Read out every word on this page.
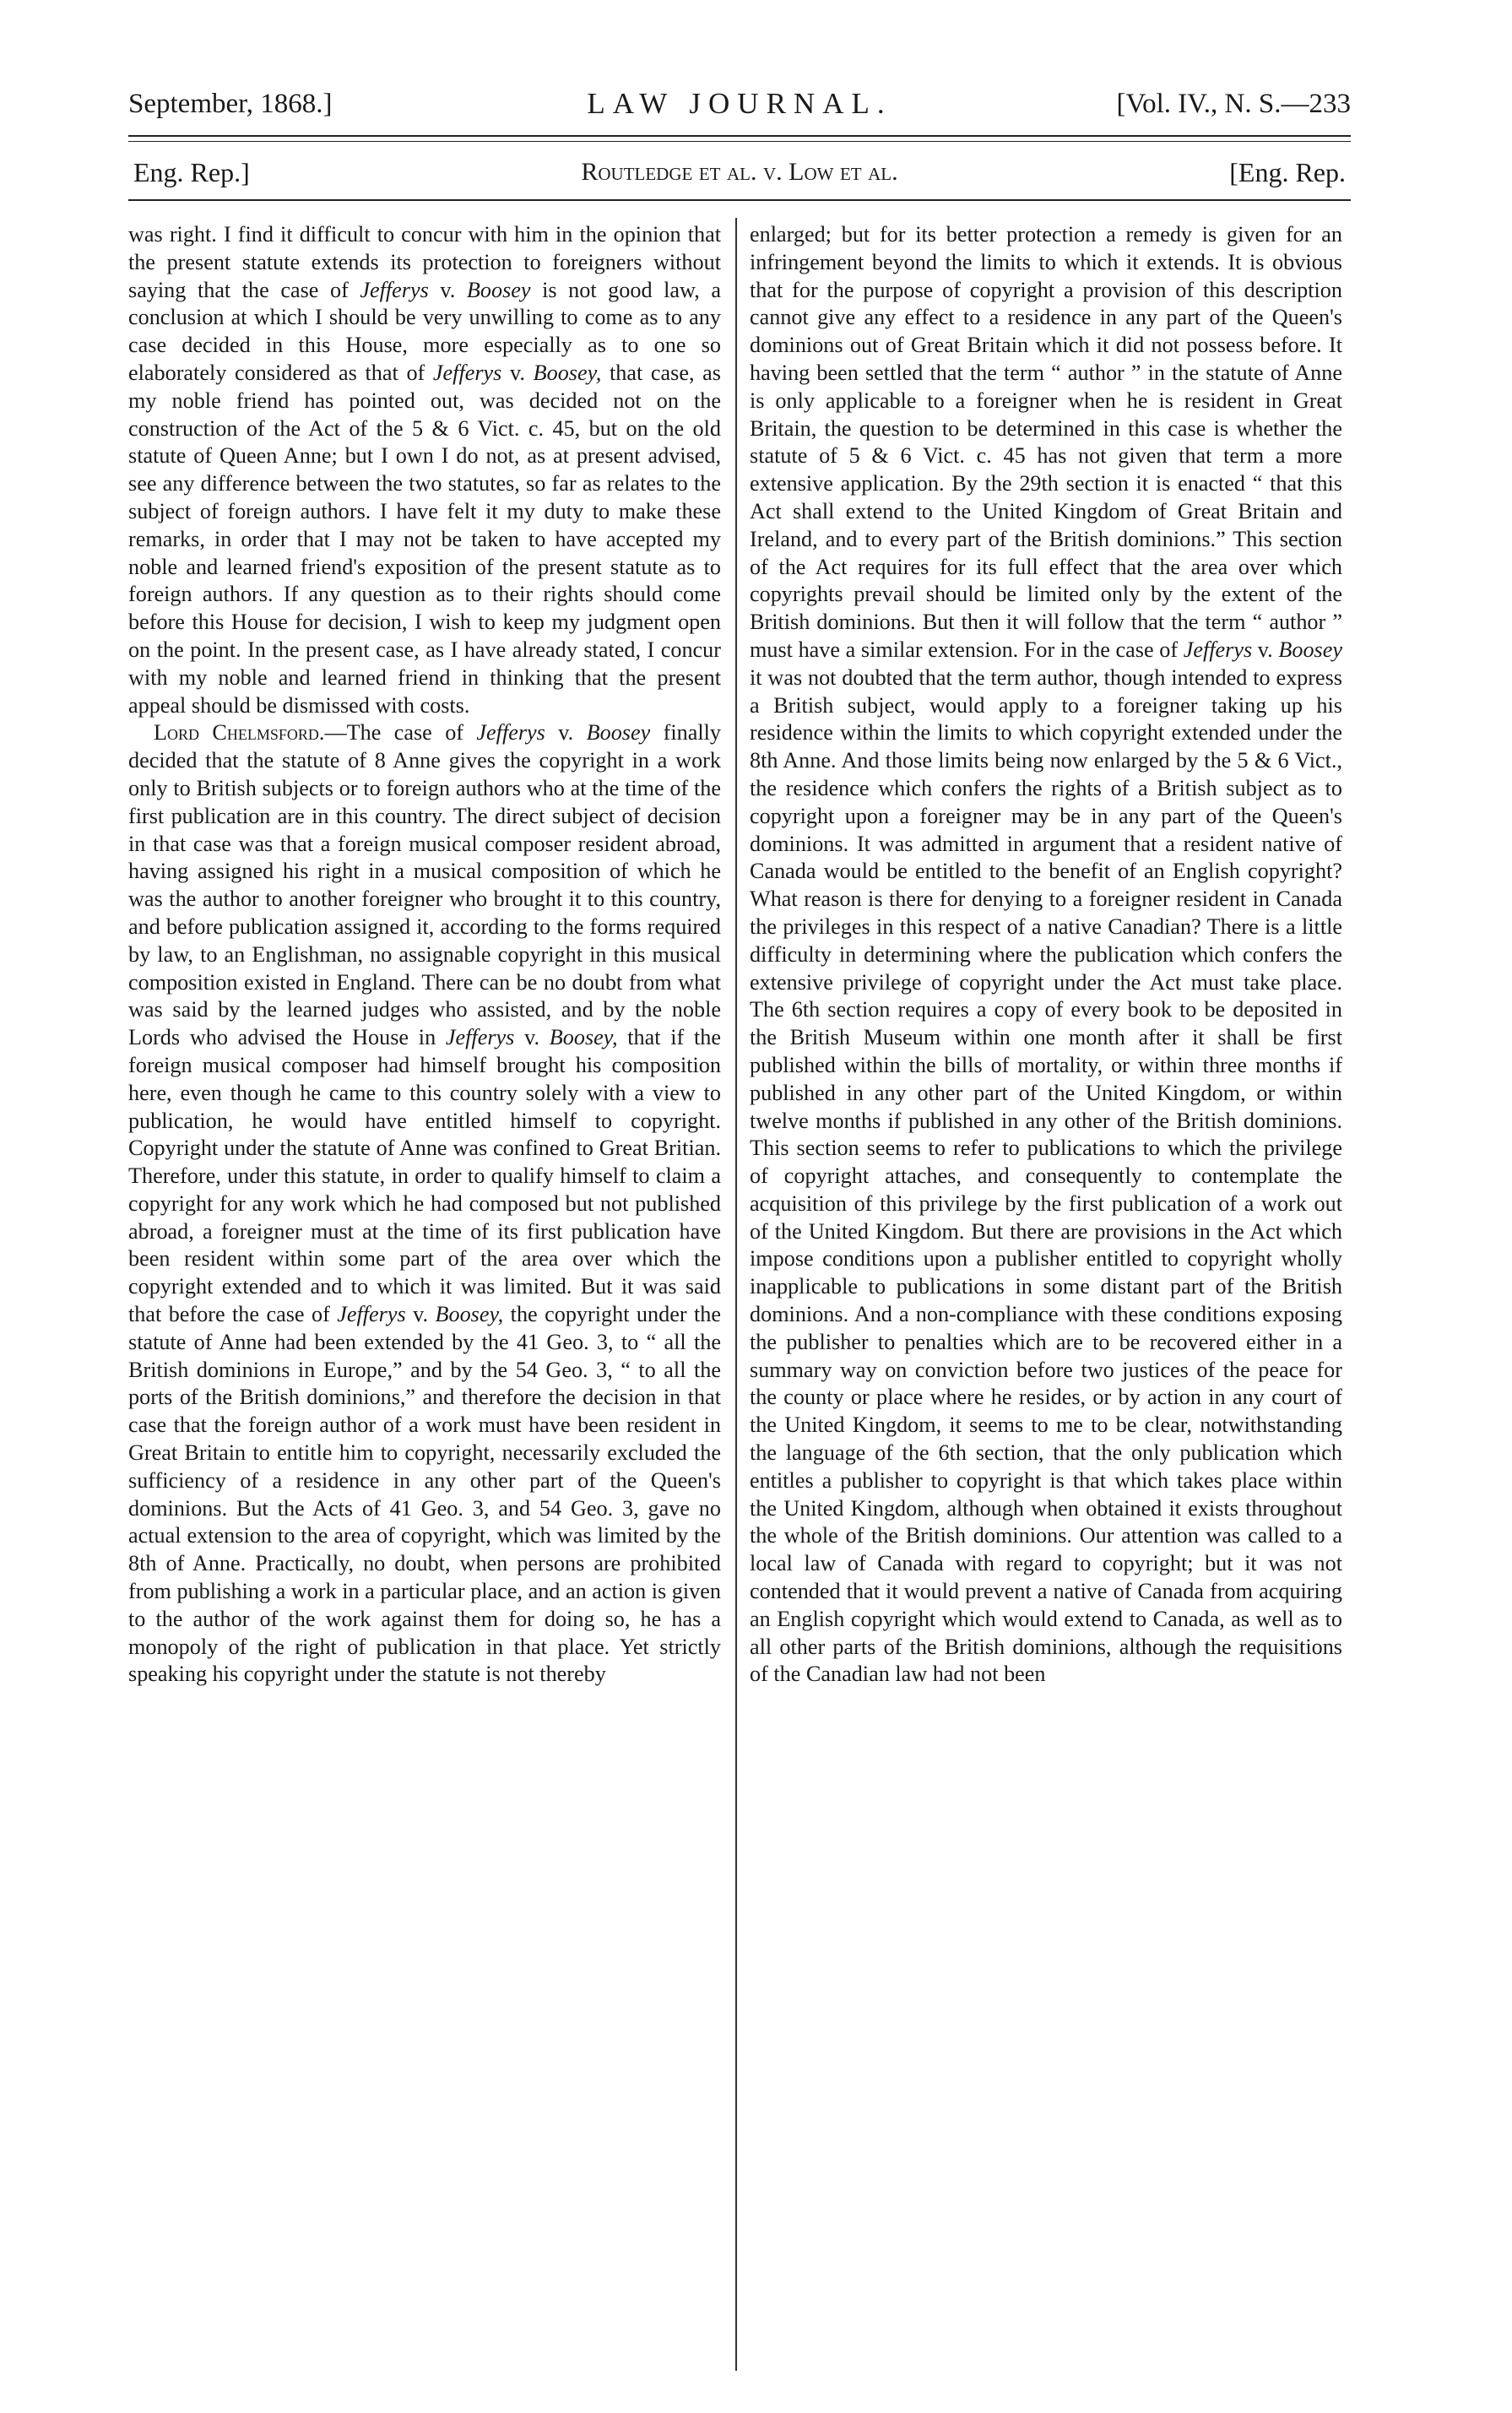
September, 1868.]	LAW JOURNAL.	[Vol. IV., N. S.—233
Eng. Rep.]	Routledge et al. v. Low et al.	[Eng. Rep.

was right. I find it difficult to concur with him in the opinion that the present statute extends its protection to foreigners without saying that the case of Jefferys v. Boosey is not good law, a conclusion at which I should be very unwilling to come as to any case decided in this House, more especially as to one so elaborately considered as that of Jefferys v. Boosey, that case, as my noble friend has pointed out, was decided not on the construction of the Act of the 5 & 6 Vict. c. 45, but on the old statute of Queen Anne; but I own I do not, as at present advised, see any difference between the two statutes, so far as relates to the subject of foreign authors. I have felt it my duty to make these remarks, in order that I may not be taken to have accepted my noble and learned friend's exposition of the present statute as to foreign authors. If any question as to their rights should come before this House for decision, I wish to keep my judgment open on the point. In the present case, as I have already stated, I concur with my noble and learned friend in thinking that the present appeal should be dismissed with costs.

Lord Chelmsford.—The case of Jefferys v. Boosey finally decided that the statute of 8 Anne gives the copyright in a work only to British subjects or to foreign authors who at the time of the first publication are in this country. The direct subject of decision in that case was that a foreign musical composer resident abroad, having assigned his right in a musical composition of which he was the author to another foreigner who brought it to this country, and before publication assigned it, according to the forms required by law, to an Englishman, no assignable copyright in this musical composition existed in England. There can be no doubt from what was said by the learned judges who assisted, and by the noble Lords who advised the House in Jefferys v. Boosey, that if the foreign musical composer had himself brought his composition here, even though he came to this country solely with a view to publication, he would have entitled himself to copyright. Copyright under the statute of Anne was confined to Great Britian. Therefore, under this statute, in order to qualify himself to claim a copyright for any work which he had composed but not published abroad, a foreigner must at the time of its first publication have been resident within some part of the area over which the copyright extended and to which it was limited. But it was said that before the case of Jefferys v. Boosey, the copyright under the statute of Anne had been extended by the 41 Geo. 3, to “ all the British dominions in Europe,” and by the 54 Geo. 3, “ to all the ports of the British dominions,” and therefore the decision in that case that the foreign author of a work must have been resident in Great Britain to entitle him to copyright, necessarily excluded the sufficiency of a residence in any other part of the Queen's dominions. But the Acts of 41 Geo. 3, and 54 Geo. 3, gave no actual extension to the area of copyright, which was limited by the 8th of Anne. Practically, no doubt, when persons are prohibited from publishing a work in a particular place, and an action is given to the author of the work against them for doing so, he has a monopoly of the right of publication in that place. Yet strictly speaking his copyright under the statute is not thereby

enlarged; but for its better protection a remedy is given for an infringement beyond the limits to which it extends. It is obvious that for the purpose of copyright a provision of this description cannot give any effect to a residence in any part of the Queen's dominions out of Great Britain which it did not possess before. It having been settled that the term “ author ” in the statute of Anne is only applicable to a foreigner when he is resident in Great Britain, the question to be determined in this case is whether the statute of 5 & 6 Vict. c. 45 has not given that term a more extensive application. By the 29th section it is enacted “ that this Act shall extend to the United Kingdom of Great Britain and Ireland, and to every part of the British dominions.” This section of the Act requires for its full effect that the area over which copyrights prevail should be limited only by the extent of the British dominions. But then it will follow that the term “ author ” must have a similar extension. For in the case of Jefferys v. Boosey it was not doubted that the term author, though intended to express a British subject, would apply to a foreigner taking up his residence within the limits to which copyright extended under the 8th Anne. And those limits being now enlarged by the 5 & 6 Vict., the residence which confers the rights of a British subject as to copyright upon a foreigner may be in any part of the Queen's dominions. It was admitted in argument that a resident native of Canada would be entitled to the benefit of an English copyright? What reason is there for denying to a foreigner resident in Canada the privileges in this respect of a native Canadian? There is a little difficulty in determining where the publication which confers the extensive privilege of copyright under the Act must take place. The 6th section requires a copy of every book to be deposited in the British Museum within one month after it shall be first published within the bills of mortality, or within three months if published in any other part of the United Kingdom, or within twelve months if published in any other of the British dominions. This section seems to refer to publications to which the privilege of copyright attaches, and consequently to contemplate the acquisition of this privilege by the first publication of a work out of the United Kingdom. But there are provisions in the Act which impose conditions upon a publisher entitled to copyright wholly inapplicable to publications in some distant part of the British dominions. And a non-compliance with these conditions exposing the publisher to penalties which are to be recovered either in a summary way on conviction before two justices of the peace for the county or place where he resides, or by action in any court of the United Kingdom, it seems to me to be clear, notwithstanding the language of the 6th section, that the only publication which entitles a publisher to copyright is that which takes place within the United Kingdom, although when obtained it exists throughout the whole of the British dominions. Our attention was called to a local law of Canada with regard to copyright; but it was not contended that it would prevent a native of Canada from acquiring an English copyright which would extend to Canada, as well as to all other parts of the British dominions, although the requisitions of the Canadian law had not been
